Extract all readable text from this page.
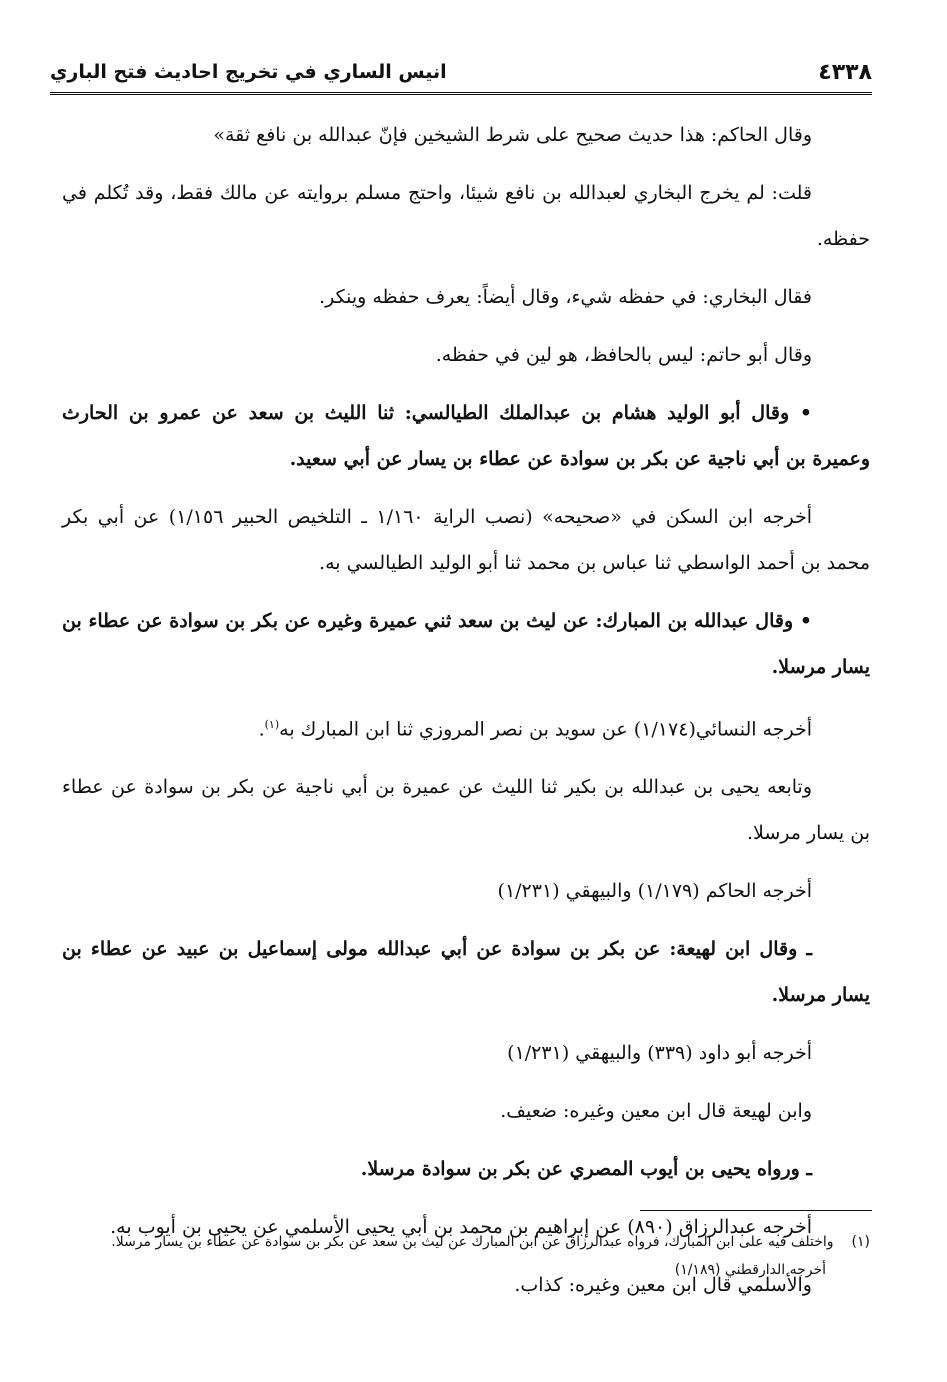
٤٣٣٨
انيس الساري في تخريج احاديث فتح الباري

وقال الحاكم: هذا حديث صحيح على شرط الشيخين فإنّ عبدالله بن نافع ثقة»

قلت: لم يخرج البخاري لعبدالله بن نافع شيئا، واحتج مسلم بروايته عن مالك فقط، وقد تُكلم في حفظه.

فقال البخاري: في حفظه شيء، وقال أيضاً: يعرف حفظه وينكر.

وقال أبو حاتم: ليس بالحافظ، هو لين في حفظه.

• وقال أبو الوليد هشام بن عبدالملك الطيالسي: ثنا الليث بن سعد عن عمرو بن الحارث وعميرة بن أبي ناجية عن بكر بن سوادة عن عطاء بن يسار عن أبي سعيد.

أخرجه ابن السكن في «صحيحه» (نصب الراية ١/١٦٠ ـ التلخيص الحبير ١/١٥٦) عن أبي بكر محمد بن أحمد الواسطي ثنا عباس بن محمد ثنا أبو الوليد الطيالسي به.

• وقال عبدالله بن المبارك: عن ليث بن سعد ثني عميرة وغيره عن بكر بن سوادة عن عطاء بن يسار مرسلا.

أخرجه النسائي(١/١٧٤) عن سويد بن نصر المروزي ثنا ابن المبارك به$^{(١)}$.

وتابعه يحيى بن عبدالله بن بكير ثنا الليث عن عميرة بن أبي ناجية عن بكر بن سوادة عن عطاء بن يسار مرسلا.

أخرجه الحاكم (١/١٧٩) والبيهقي (١/٢٣١)

ـ وقال ابن لهيعة: عن بكر بن سوادة عن أبي عبدالله مولى إسماعيل بن عبيد عن عطاء بن يسار مرسلا.

أخرجه أبو داود (٣٣٩) والبيهقي (١/٢٣١)

وابن لهيعة قال ابن معين وغيره: ضعيف.

ـ ورواه يحيى بن أيوب المصري عن بكر بن سوادة مرسلا.

أخرجه عبدالرزاق (٨٩٠) عن إبراهيم بن محمد بن أبي يحيى الأسلمي عن يحيى بن أيوب به.

والأسلمي قال ابن معين وغيره: كذاب.

(١)
واختلف فيه على ابن المبارك، فرواه عبدالرزاق عن ابن المبارك عن ليث بن سعد عن بكر بن سوادة عن عطاء بن يسار مرسلا.
أخرجه الدارقطني (١/١٨٩)
